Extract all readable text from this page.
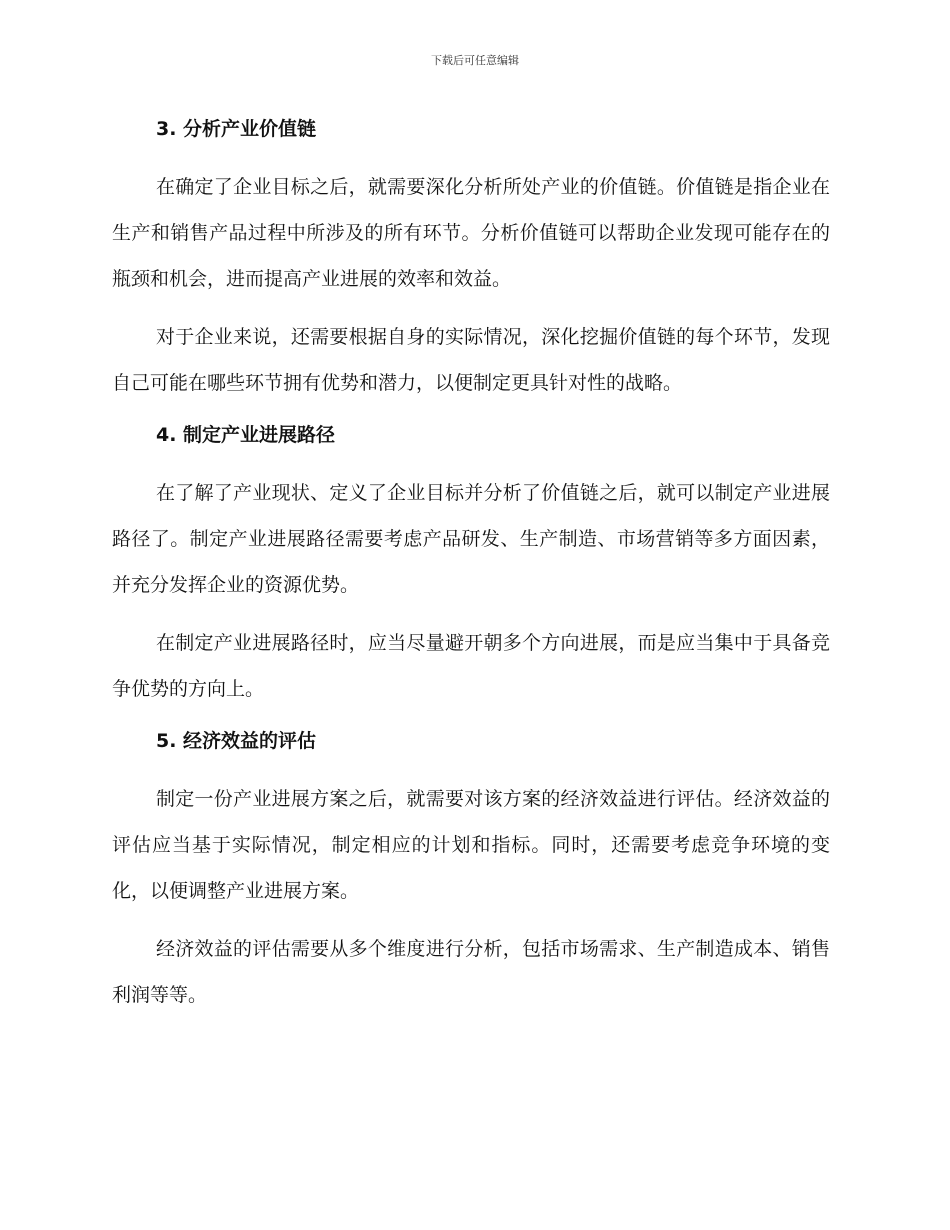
下载后可任意编辑
3. 分析产业价值链

在确定了企业目标之后，就需要深化分析所处产业的价值链。价值链是指企业在生产和销售产品过程中所涉及的所有环节。分析价值链可以帮助企业发现可能存在的瓶颈和机会，进而提高产业进展的效率和效益。

对于企业来说，还需要根据自身的实际情况，深化挖掘价值链的每个环节，发现自己可能在哪些环节拥有优势和潜力，以便制定更具针对性的战略。

4. 制定产业进展路径

在了解了产业现状、定义了企业目标并分析了价值链之后，就可以制定产业进展路径了。制定产业进展路径需要考虑产品研发、生产制造、市场营销等多方面因素，并充分发挥企业的资源优势。

在制定产业进展路径时，应当尽量避开朝多个方向进展，而是应当集中于具备竞争优势的方向上。

5. 经济效益的评估

制定一份产业进展方案之后，就需要对该方案的经济效益进行评估。经济效益的评估应当基于实际情况，制定相应的计划和指标。同时，还需要考虑竞争环境的变化，以便调整产业进展方案。

经济效益的评估需要从多个维度进行分析，包括市场需求、生产制造成本、销售利润等等。
